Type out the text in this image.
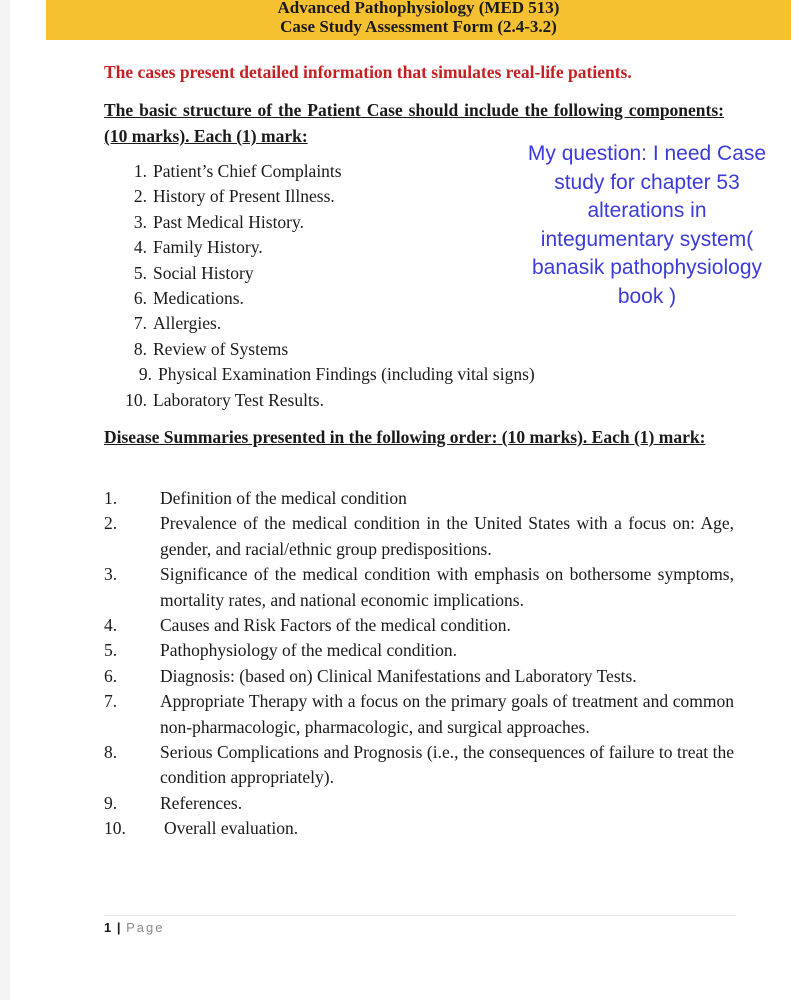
Advanced Pathophysiology (MED 513)
Case Study Assessment Form (2.4-3.2)
The cases present detailed information that simulates real-life patients.
The basic structure of the Patient Case should include the following components: (10 marks). Each (1) mark:
1. Patient’s Chief Complaints
2. History of Present Illness.
3. Past Medical History.
4. Family History.
5. Social History
6. Medications.
7. Allergies.
8. Review of Systems
9. Physical Examination Findings (including vital signs)
10. Laboratory Test Results.
Disease Summaries presented in the following order: (10 marks). Each (1) mark:
1.	Definition of the medical condition
2.	Prevalence of the medical condition in the United States with a focus on: Age, gender, and racial/ethnic group predispositions.
3.	Significance of the medical condition with emphasis on bothersome symptoms, mortality rates, and national economic implications.
4.	Causes and Risk Factors of the medical condition.
5.	Pathophysiology of the medical condition.
6.	Diagnosis: (based on) Clinical Manifestations and Laboratory Tests.
7.	Appropriate Therapy with a focus on the primary goals of treatment and common non-pharmacologic, pharmacologic, and surgical approaches.
8.	Serious Complications and Prognosis (i.e., the consequences of failure to treat the condition appropriately).
9.	References.
10.	Overall evaluation.
My question: I need Case study for chapter 53 alterations in integumentary system( banasik pathophysiology book )
1 | Page
